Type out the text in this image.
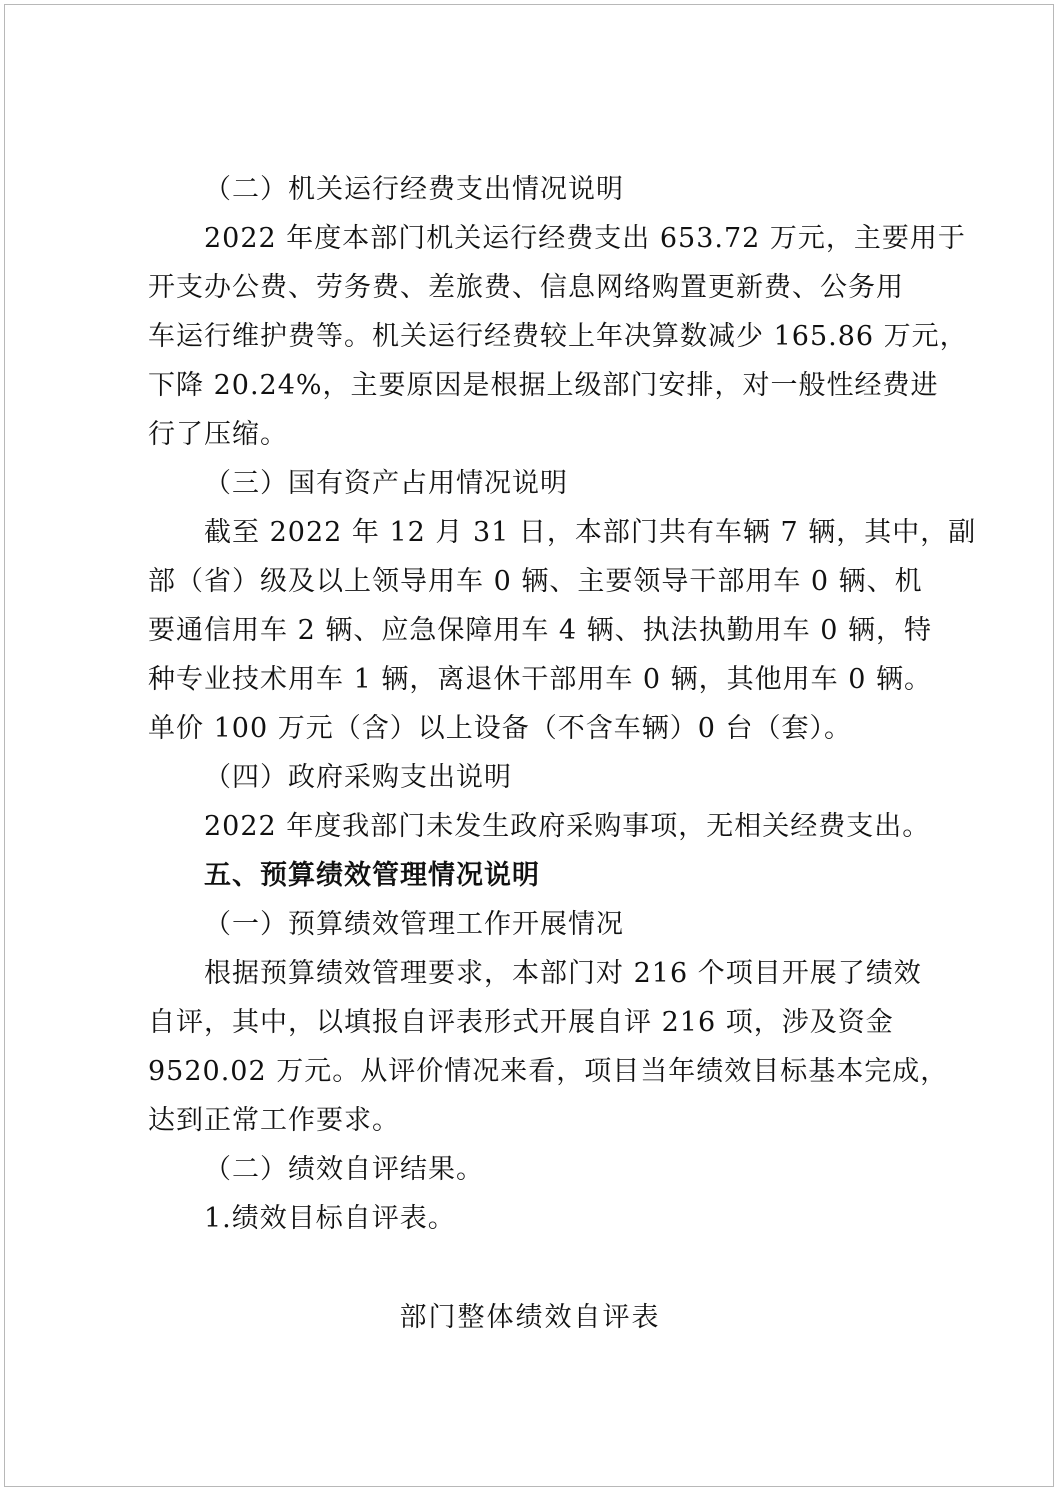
（二）机关运行经费支出情况说明
2022 年度本部门机关运行经费支出 653.72 万元，主要用于
开支办公费、劳务费、差旅费、信息网络购置更新费、公务用
车运行维护费等。机关运行经费较上年决算数减少 165.86 万元，
下降 20.24%，主要原因是根据上级部门安排，对一般性经费进
行了压缩。
（三）国有资产占用情况说明
截至 2022 年 12 月 31 日，本部门共有车辆 7 辆，其中，副
部（省）级及以上领导用车 0 辆、主要领导干部用车 0 辆、机
要通信用车 2 辆、应急保障用车 4 辆、执法执勤用车 0 辆，特
种专业技术用车 1 辆，离退休干部用车 0 辆，其他用车 0 辆。
单价 100 万元（含）以上设备（不含车辆）0 台（套）。
（四）政府采购支出说明
2022 年度我部门未发生政府采购事项，无相关经费支出。
五、预算绩效管理情况说明
（一）预算绩效管理工作开展情况
根据预算绩效管理要求，本部门对 216 个项目开展了绩效
自评，其中，以填报自评表形式开展自评 216 项，涉及资金
9520.02 万元。从评价情况来看，项目当年绩效目标基本完成，
达到正常工作要求。
（二）绩效自评结果。
1.绩效目标自评表。
部门整体绩效自评表
